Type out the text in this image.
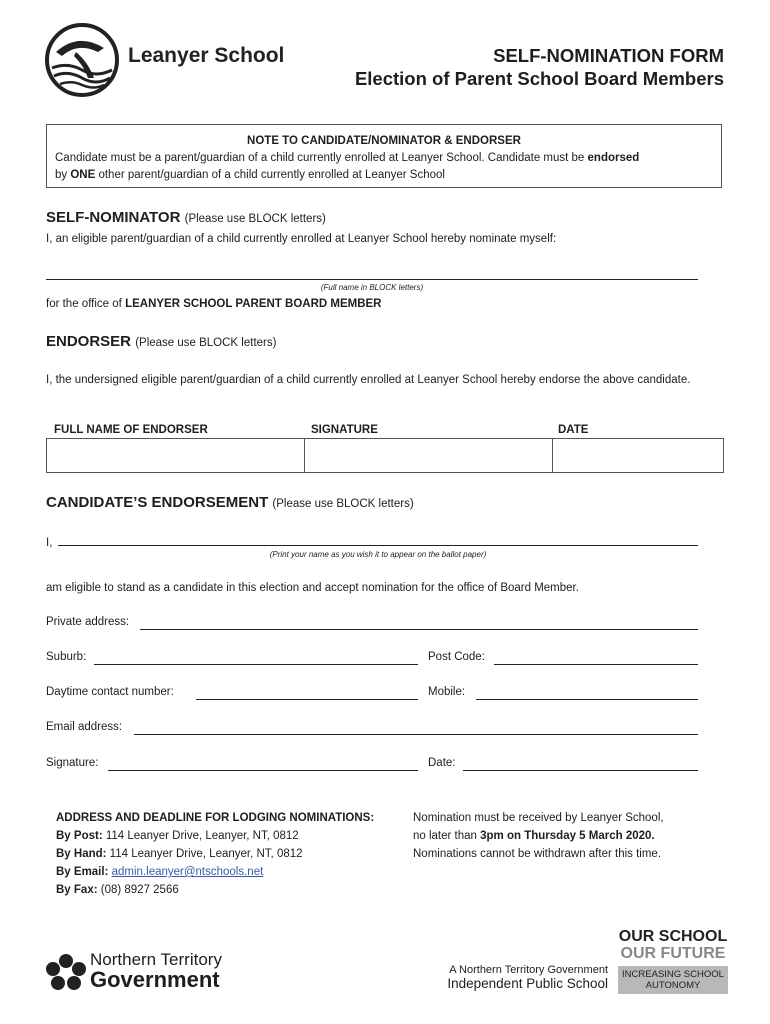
Leanyer School	SELF-NOMINATION FORM
Election of Parent School Board Members
NOTE TO CANDIDATE/NOMINATOR & ENDORSER
Candidate must be a parent/guardian of a child currently enrolled at Leanyer School. Candidate must be endorsed
by ONE other parent/guardian of a child currently enrolled at Leanyer School
SELF-NOMINATOR (Please use BLOCK letters)
I, an eligible parent/guardian of a child currently enrolled at Leanyer School hereby nominate myself:
(Full name in BLOCK letters)
for the office of LEANYER SCHOOL PARENT BOARD MEMBER
ENDORSER (Please use BLOCK letters)
I, the undersigned eligible parent/guardian of a child currently enrolled at Leanyer School hereby endorse the above candidate.
FULL NAME OF ENDORSER	SIGNATURE	DATE
CANDIDATE’S ENDORSEMENT (Please use BLOCK letters)
I,
(Print your name as you wish it to appear on the ballot paper)
am eligible to stand as a candidate in this election and accept nomination for the office of Board Member.
Private address:
Suburb:	Post Code:
Daytime contact number:	Mobile:
Email address:
Signature:	Date:
ADDRESS AND DEADLINE FOR LODGING NOMINATIONS:
By Post: 114 Leanyer Drive, Leanyer, NT, 0812
By Hand: 114 Leanyer Drive, Leanyer, NT, 0812
By Email: admin.leanyer@ntschools.net
By Fax: (08) 8927 2566
Nomination must be received by Leanyer School,
no later than 3pm on Thursday 5 March 2020.
Nominations cannot be withdrawn after this time.
Northern Territory
Government	A Northern Territory Government
Independent Public School
OUR SCHOOL
OUR FUTURE
INCREASING SCHOOL
AUTONOMY
